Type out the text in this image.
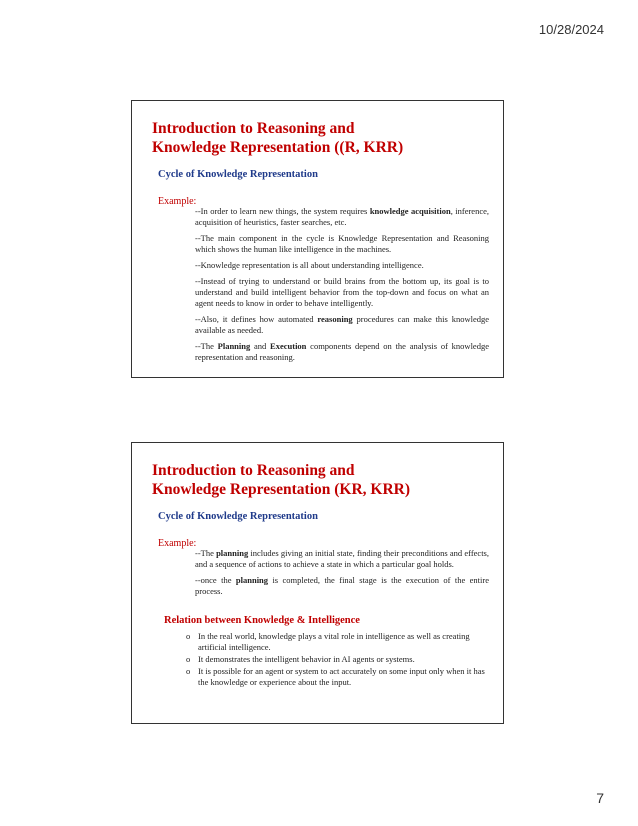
10/28/2024
Introduction to Reasoning and
Knowledge Representation ((R, KRR)
Cycle of Knowledge Representation
Example:

--In order to learn new things, the system requires knowledge acquisition, inference, acquisition of heuristics, faster searches, etc.

--The main component in the cycle is Knowledge Representation and Reasoning which shows the human like intelligence in the machines.

--Knowledge representation is all about understanding intelligence.

--Instead of trying to understand or build brains from the bottom up, its goal is to understand and build intelligent behavior from the top-down and focus on what an agent needs to know in order to behave intelligently.

--Also, it defines how automated reasoning procedures can make this knowledge available as needed.

--The Planning and Execution components depend on the analysis of knowledge representation and reasoning.

Introduction to Reasoning and
Knowledge Representation (KR, KRR)
Cycle of Knowledge Representation
Example:

--The planning includes giving an initial state, finding their preconditions and effects, and a sequence of actions to achieve a state in which a particular goal holds.

--once the planning is completed, the final stage is the execution of the entire process.

Relation between Knowledge & Intelligence
o In the real world, knowledge plays a vital role in intelligence as well as creating artificial intelligence.
o It demonstrates the intelligent behavior in AI agents or systems.
o It is possible for an agent or system to act accurately on some input only when it has the knowledge or experience about the input.
7
